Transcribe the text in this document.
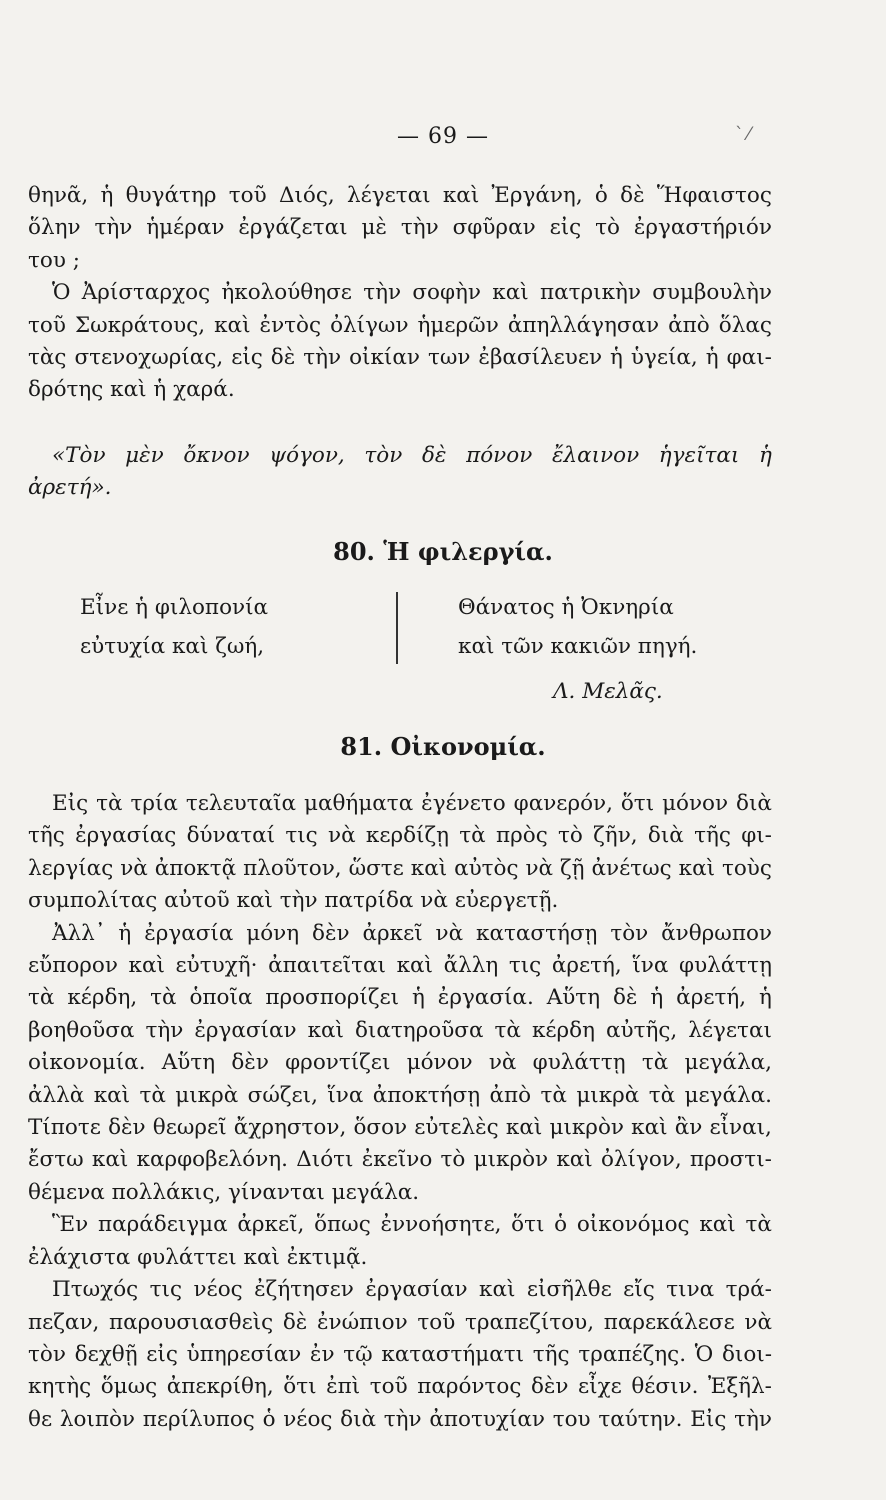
— 69 —	՝ ⁄
θηνᾶ, ἡ θυγάτηρ τοῦ Διός, λέγεται καὶ Ἐργάνη, ὁ δὲ Ἥφαιστος
ὅλην τὴν ἡμέραν ἐργάζεται μὲ τὴν σφῦραν εἰς τὸ ἐργαστήριόν
του ;
Ὁ Ἀρίσταρχος ἠκολούθησε τὴν σοφὴν καὶ πατρικὴν συμβουλὴν
τοῦ Σωκράτους, καὶ ἐντὸς ὀλίγων ἡμερῶν ἀπηλλάγησαν ἀπὸ ὅλας
τὰς στενοχωρίας, εἰς δὲ τὴν οἰκίαν των ἐβασίλευεν ἡ ὑγεία, ἡ φαι-
δρότης καὶ ἡ χαρά.
«Τὸν μὲν ὄκνον ψόγον, τὸν δὲ πόνον ἔλαινον ἡγεῖται ἡ
ἀρετή».
80. Ἡ φιλεργία.
Εἶνε ἡ φιλοπονία
εὐτυχία καὶ ζωή,
Θάνατος ἡ Ὀκνηρία
καὶ τῶν κακιῶν πηγή.
Λ. Μελᾶς.
81. Οἰκονομία.
Εἰς τὰ τρία τελευταῖα μαθήματα ἐγένετο φανερόν, ὅτι μόνον διὰ
τῆς ἐργασίας δύναταί τις νὰ κερδίζῃ τὰ πρὸς τὸ ζῆν, διὰ τῆς φι-
λεργίας νὰ ἀποκτᾷ πλοῦτον, ὥστε καὶ αὐτὸς νὰ ζῇ ἀνέτως καὶ τοὺς
συμπολίτας αὐτοῦ καὶ τὴν πατρίδα νὰ εὐεργετῇ.
Ἀλλ᾽ ἡ ἐργασία μόνη δὲν ἀρκεῖ νὰ καταστήσῃ τὸν ἄνθρωπον
εὔπορον καὶ εὐτυχῆ· ἀπαιτεῖται καὶ ἄλλη τις ἀρετή, ἵνα φυλάττῃ
τὰ κέρδη, τὰ ὁποῖα προσπορίζει ἡ ἐργασία. Αὕτη δὲ ἡ ἀρετή, ἡ
βοηθοῦσα τὴν ἐργασίαν καὶ διατηροῦσα τὰ κέρδη αὐτῆς, λέγεται
οἰκονομία. Αὕτη δὲν φροντίζει μόνον νὰ φυλάττῃ τὰ μεγάλα,
ἀλλὰ καὶ τὰ μικρὰ σώζει, ἵνα ἀποκτήσῃ ἀπὸ τὰ μικρὰ τὰ μεγάλα.
Τίποτε δὲν θεωρεῖ ἄχρηστον, ὅσον εὐτελὲς καὶ μικρὸν καὶ ἂν εἶναι,
ἔστω καὶ καρφοβελόνη. Διότι ἐκεῖνο τὸ μικρὸν καὶ ὀλίγον, προστι-
θέμενα πολλάκις, γίνανται μεγάλα.
Ἓν παράδειγμα ἀρκεῖ, ὅπως ἐννοήσητε, ὅτι ὁ οἰκονόμος καὶ τὰ
ἐλάχιστα φυλάττει καὶ ἐκτιμᾷ.
Πτωχός τις νέος ἐζήτησεν ἐργασίαν καὶ εἰσῆλθε εἴς τινα τρά-
πεζαν, παρουσιασθεὶς δὲ ἐνώπιον τοῦ τραπεζίτου, παρεκάλεσε νὰ
τὸν δεχθῇ εἰς ὑπηρεσίαν ἐν τῷ καταστήματι τῆς τραπέζης. Ὁ διοι-
κητὴς ὅμως ἀπεκρίθη, ὅτι ἐπὶ τοῦ παρόντος δὲν εἶχε θέσιν. Ἐξῆλ-
θε λοιπὸν περίλυπος ὁ νέος διὰ τὴν ἀποτυχίαν του ταύτην. Εἰς τὴν
